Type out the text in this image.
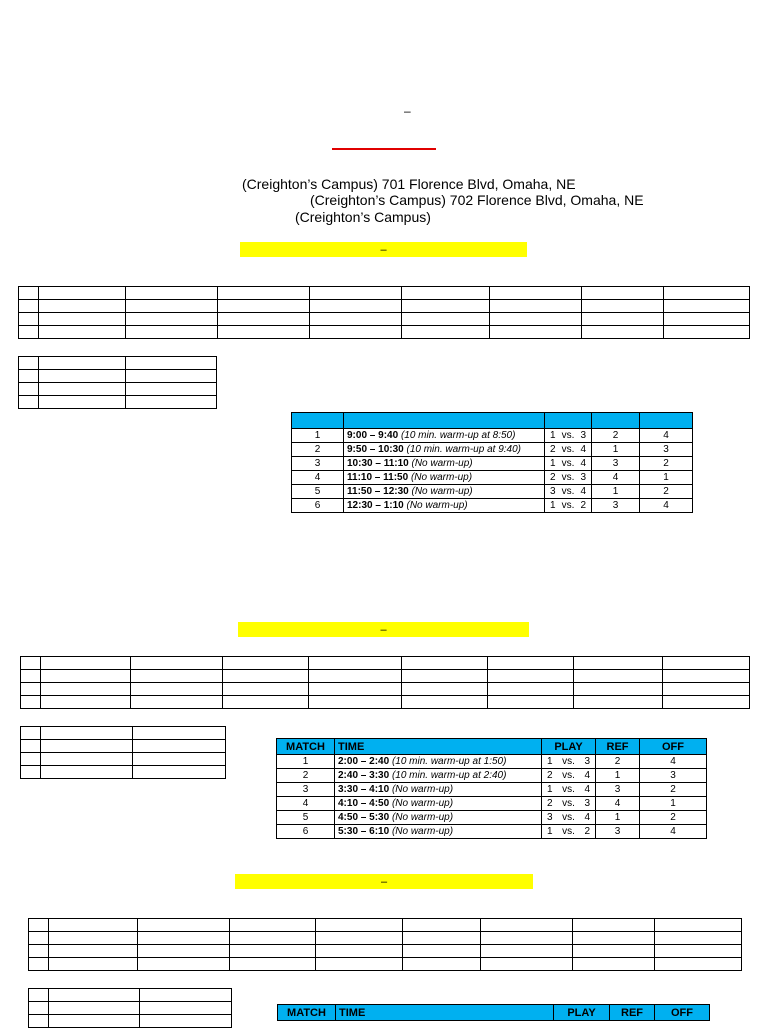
–
(Creighton’s Campus) 701 Florence Blvd, Omaha, NE
(Creighton’s Campus) 702 Florence Blvd, Omaha, NE
(Creighton’s Campus)
–

1	9:00 – 9:40 (10 min. warm-up at 8:50)	1 vs. 3	2	4
2	9:50 – 10:30 (10 min. warm-up at 9:40)	2 vs. 4	1	3
3	10:30 – 11:10 (No warm-up)	1 vs. 4	3	2
4	11:10 – 11:50 (No warm-up)	2 vs. 3	4	1
5	11:50 – 12:30 (No warm-up)	3 vs. 4	1	2
6	12:30 – 1:10 (No warm-up)	1 vs. 2	3	4
–

MATCH	TIME	PLAY	REF	OFF
1	2:00 – 2:40 (10 min. warm-up at 1:50)	1 vs. 3	2	4
2	2:40 – 3:30 (10 min. warm-up at 2:40)	2 vs. 4	1	3
3	3:30 – 4:10 (No warm-up)	1 vs. 4	3	2
4	4:10 – 4:50 (No warm-up)	2 vs. 3	4	1
5	4:50 – 5:30 (No warm-up)	3 vs. 4	1	2
6	5:30 – 6:10 (No warm-up)	1 vs. 2	3	4
–

MATCH	TIME	PLAY	REF	OFF
